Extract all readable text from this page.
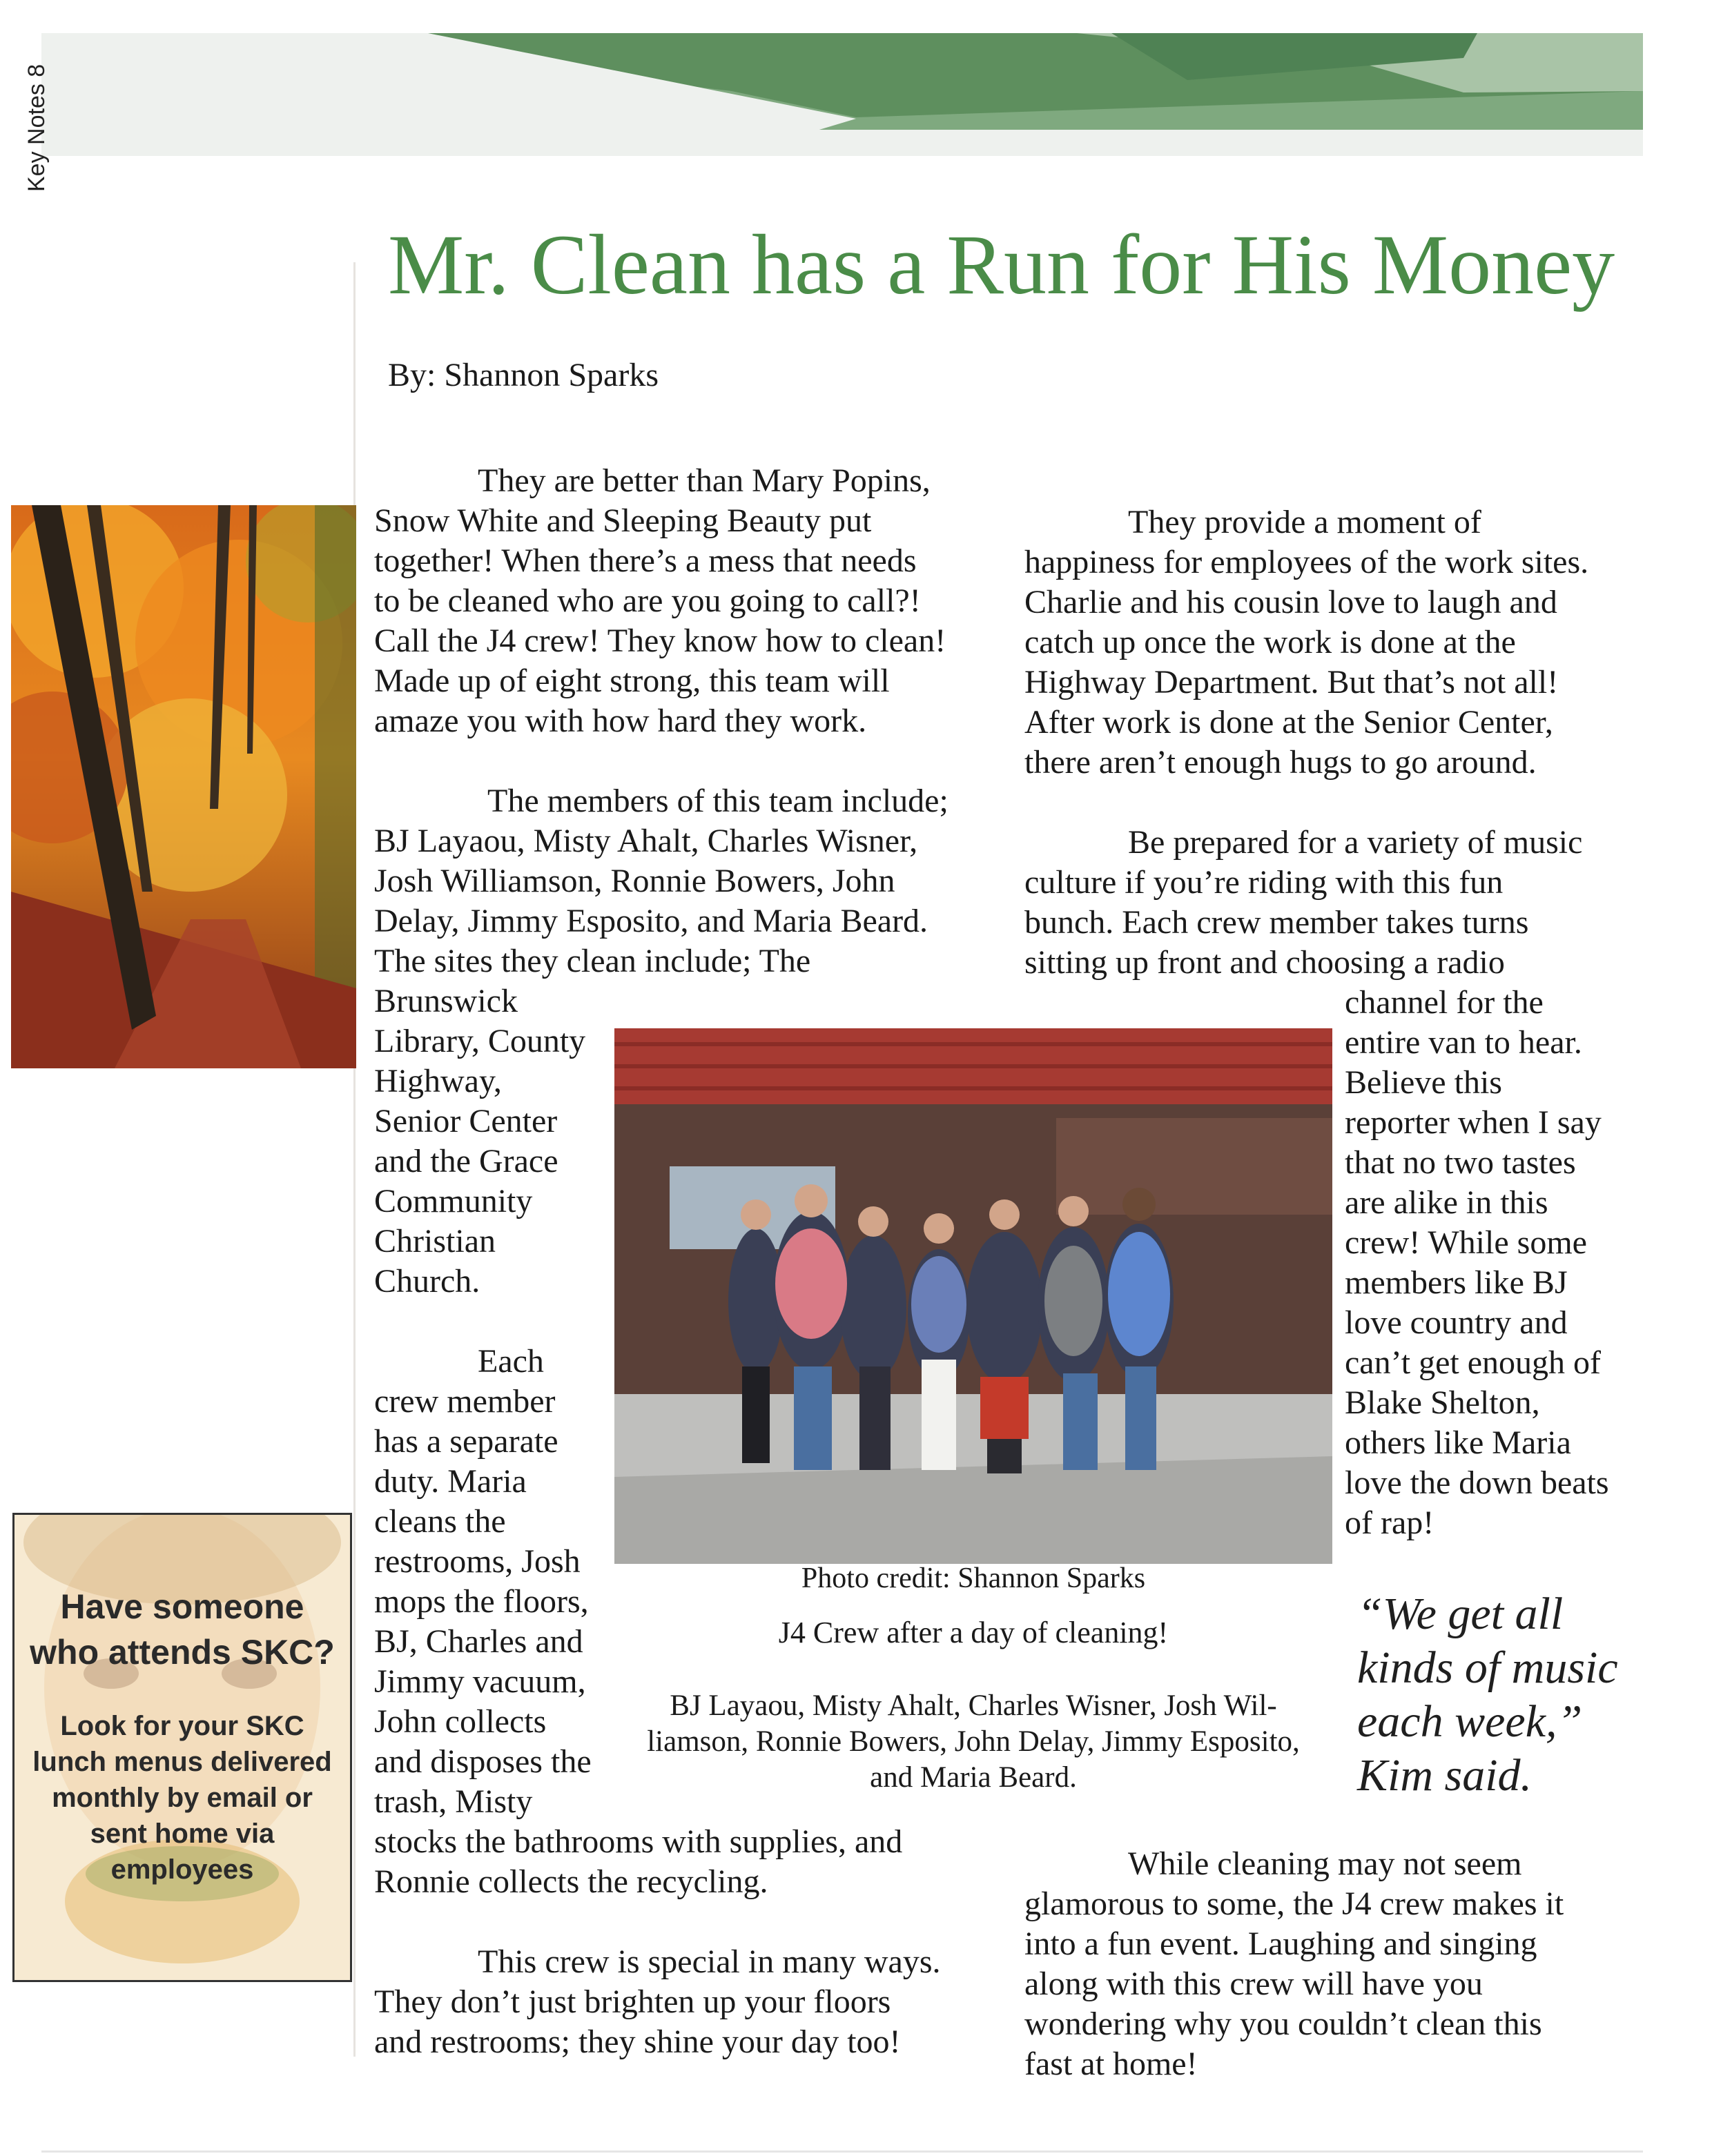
Key Notes 8
Mr. Clean has a Run for His Money
By: Shannon Sparks
They are better than Mary Popins,
Snow White and Sleeping Beauty put
together! When there’s a mess that needs
to be cleaned who are you going to call?!
Call the J4 crew! They know how to clean!
Made up of eight strong, this team will
amaze you with how hard they work.
The members of this team include;
BJ Layaou, Misty Ahalt, Charles Wisner,
Josh Williamson, Ronnie Bowers, John
Delay, Jimmy Esposito, and Maria Beard.
The sites they clean include; The
Brunswick
Library, County
Highway,
Senior Center
and the Grace
Community
Christian
Church.
Each
crew member
has a separate
duty. Maria
cleans the
restrooms, Josh
mops the floors,
BJ, Charles and
Jimmy vacuum,
John collects
and disposes the
trash, Misty
stocks the bathrooms with supplies, and
Ronnie collects the recycling.
This crew is special in many ways.
They don’t just brighten up your floors
and restrooms; they shine your day too!
They provide a moment of
happiness for employees of the work sites.
Charlie and his cousin love to laugh and
catch up once the work is done at the
Highway Department. But that’s not all!
After work is done at the Senior Center,
there aren’t enough hugs to go around.
Be prepared for a variety of music
culture if you’re riding with this fun
bunch. Each crew member takes turns
sitting up front and choosing a radio
channel for the
entire van to hear.
Believe this
reporter when I say
that no two tastes
are alike in this
crew! While some
members like BJ
love country and
can’t get enough of
Blake Shelton,
others like Maria
love the down beats
of rap!
“We get all
kinds of music
each week,”
Kim said.
While cleaning may not seem
glamorous to some, the J4 crew makes it
into a fun event. Laughing and singing
along with this crew will have you
wondering why you couldn’t clean this
fast at home!
Photo credit: Shannon Sparks
J4 Crew after a day of cleaning!
BJ Layaou, Misty Ahalt, Charles Wisner, Josh Wil-
liamson, Ronnie Bowers, John Delay, Jimmy Esposito,
and Maria Beard.
Have someone
who attends SKC?
Look for your SKC
lunch menus delivered
monthly by email or
sent home via
employees
